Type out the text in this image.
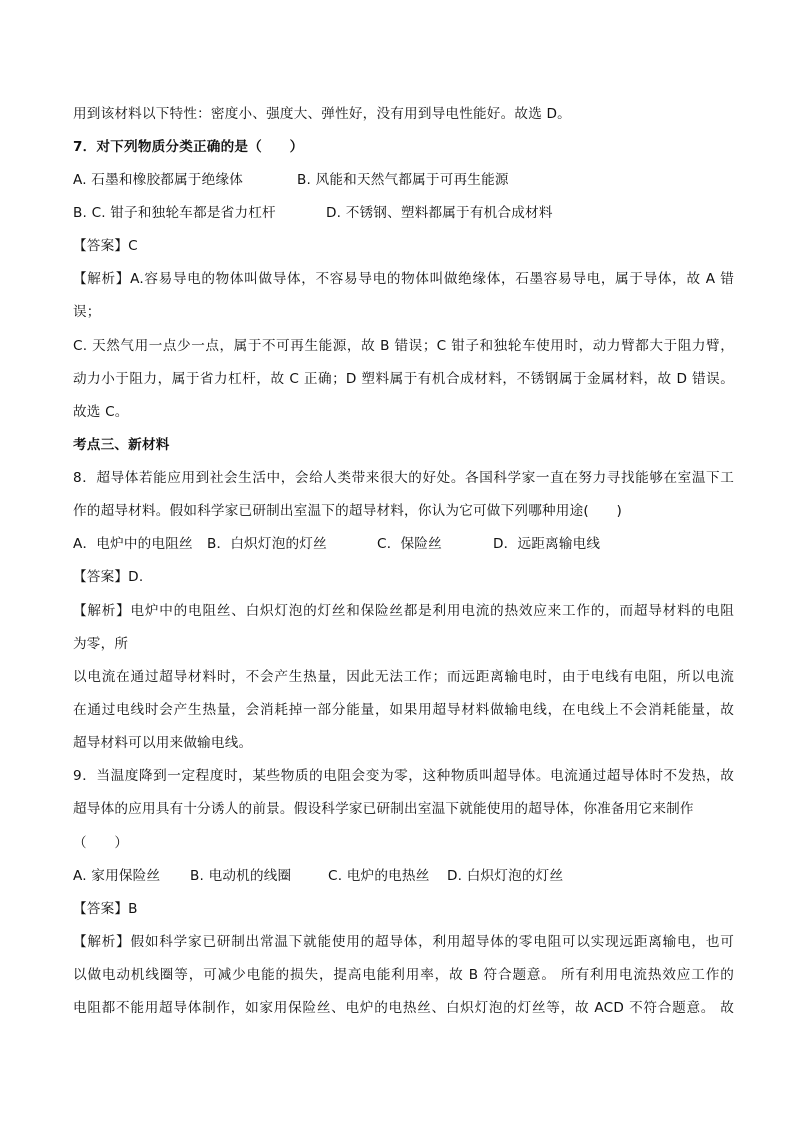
用到该材料以下特性：密度小、强度大、弹性好，没有用到导电性能好。故选 D。
7．对下列物质分类正确的是（　　）
A. 石墨和橡胶都属于绝缘体	B. 风能和天然气都属于可再生能源
B. C. 钳子和独轮车都是省力杠杆	D. 不锈钢、塑料都属于有机合成材料
【答案】C
【解析】A.容易导电的物体叫做导体，不容易导电的物体叫做绝缘体，石墨容易导电，属于导体，故 A 错
误；
C. 天然气用一点少一点，属于不可再生能源，故 B 错误；C 钳子和独轮车使用时，动力臂都大于阻力臂，
动力小于阻力，属于省力杠杆，故 C 正确；D 塑料属于有机合成材料，不锈钢属于金属材料，故 D 错误。
故选 C。
考点三、新材料
8．超导体若能应用到社会生活中，会给人类带来很大的好处。各国科学家一直在努力寻找能够在室温下工
作的超导材料。假如科学家已研制出室温下的超导材料，你认为它可做下列哪种用途(　　)
A．电炉中的电阻丝 B．白炽灯泡的灯丝	C．保险丝	D．远距离输电线
【答案】D.
【解析】电炉中的电阻丝、白炽灯泡的灯丝和保险丝都是利用电流的热效应来工作的，而超导材料的电阻
为零，所
以电流在通过超导材料时，不会产生热量，因此无法工作；而远距离输电时，由于电线有电阻，所以电流
在通过电线时会产生热量，会消耗掉一部分能量，如果用超导材料做输电线，在电线上不会消耗能量，故
超导材料可以用来做输电线。
9．当温度降到一定程度时，某些物质的电阻会变为零，这种物质叫超导体。电流通过超导体时不发热，故
超导体的应用具有十分诱人的前景。假设科学家已研制出室温下就能使用的超导体，你准备用它来制作
（　　）
A. 家用保险丝 B. 电动机的线圈	C. 电炉的电热丝 D. 白炽灯泡的灯丝
【答案】B
【解析】假如科学家已研制出常温下就能使用的超导体，利用超导体的零电阻可以实现远距离输电，也可
以做电动机线圈等，可减少电能的损失，提高电能利用率，故 B 符合题意。 所有利用电流热效应工作的
电阻都不能用超导体制作，如家用保险丝、电炉的电热丝、白炽灯泡的灯丝等，故 ACD 不符合题意。 故
